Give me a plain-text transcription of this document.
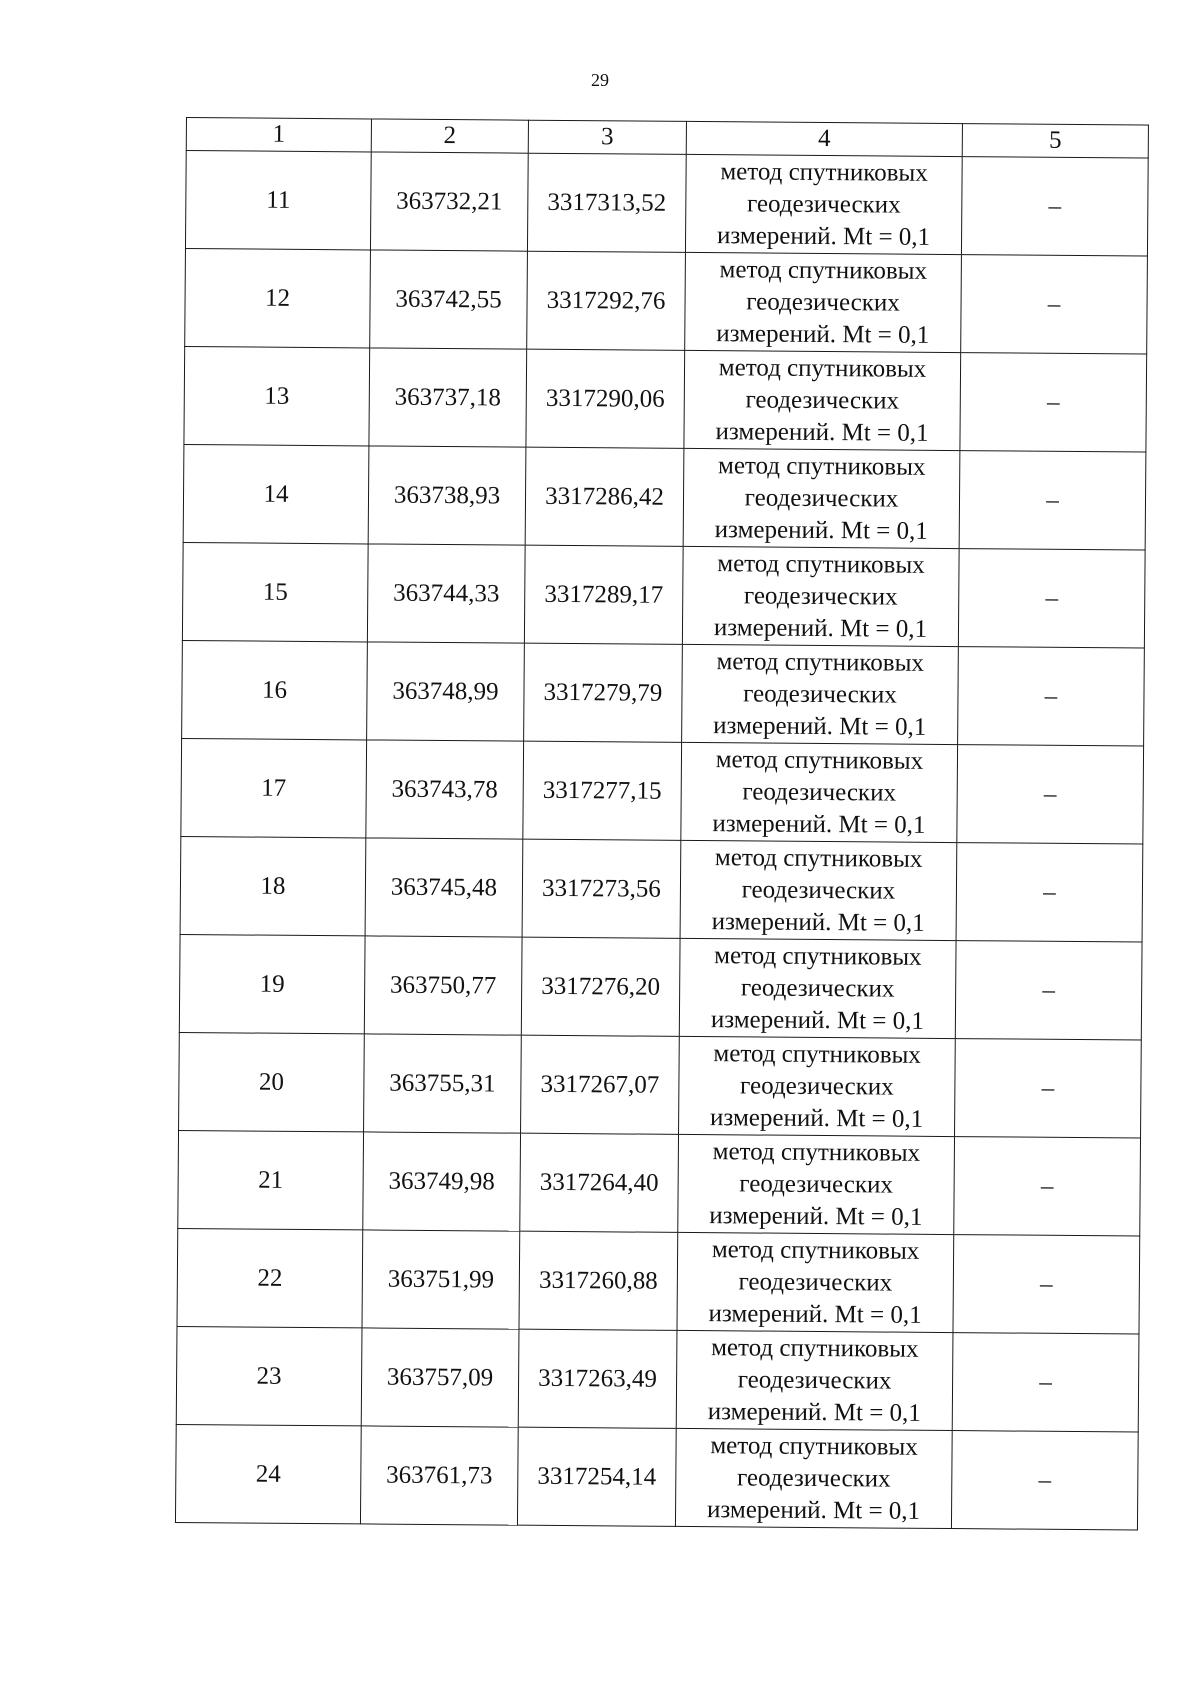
29
1	2	3	4	5
11	363732,21	3317313,52	метод спутниковых
геодезических
измерений. Mt = 0,1	–
12	363742,55	3317292,76	метод спутниковых
геодезических
измерений. Mt = 0,1	–
13	363737,18	3317290,06	метод спутниковых
геодезических
измерений. Mt = 0,1	–
14	363738,93	3317286,42	метод спутниковых
геодезических
измерений. Mt = 0,1	–
15	363744,33	3317289,17	метод спутниковых
геодезических
измерений. Mt = 0,1	–
16	363748,99	3317279,79	метод спутниковых
геодезических
измерений. Mt = 0,1	–
17	363743,78	3317277,15	метод спутниковых
геодезических
измерений. Mt = 0,1	–
18	363745,48	3317273,56	метод спутниковых
геодезических
измерений. Mt = 0,1	–
19	363750,77	3317276,20	метод спутниковых
геодезических
измерений. Mt = 0,1	–
20	363755,31	3317267,07	метод спутниковых
геодезических
измерений. Mt = 0,1	–
21	363749,98	3317264,40	метод спутниковых
геодезических
измерений. Mt = 0,1	–
22	363751,99	3317260,88	метод спутниковых
геодезических
измерений. Mt = 0,1	–
23	363757,09	3317263,49	метод спутниковых
геодезических
измерений. Mt = 0,1	–
24	363761,73	3317254,14	метод спутниковых
геодезических
измерений. Mt = 0,1	–
